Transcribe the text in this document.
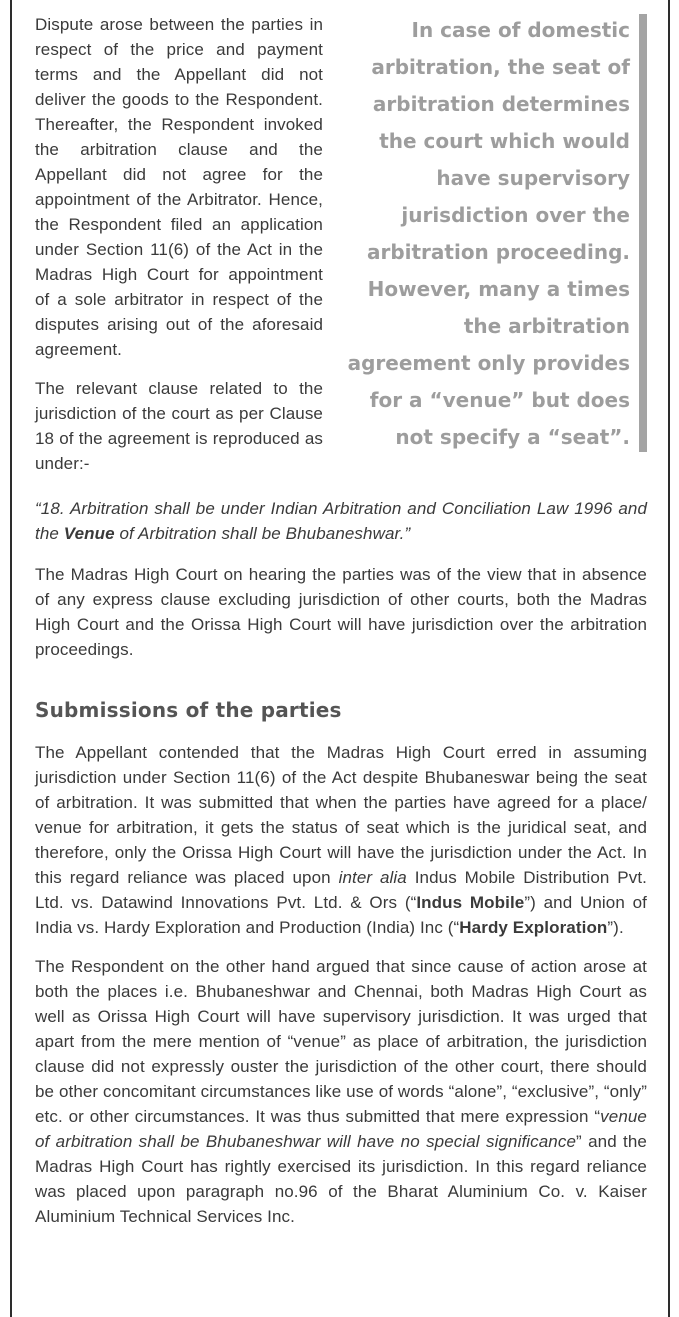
In case of domestic arbitration, the seat of arbitration determines the court which would have supervisory jurisdiction over the arbitration proceeding. However, many a times the arbitration agreement only provides for a “venue” but does not specify a “seat”.

Dispute arose between the parties in respect of the price and payment terms and the Appellant did not deliver the goods to the Respondent. Thereafter, the Respondent invoked the arbitration clause and the Appellant did not agree for the appointment of the Arbitrator. Hence, the Respondent filed an application under Section 11(6) of the Act in the Madras High Court for appointment of a sole arbitrator in respect of the disputes arising out of the aforesaid agreement.

The relevant clause related to the jurisdiction of the court as per Clause 18 of the agreement is reproduced as under:-

“18. Arbitration shall be under Indian Arbitration and Conciliation Law 1996 and the Venue of Arbitration shall be Bhubaneshwar.”

The Madras High Court on hearing the parties was of the view that in absence of any express clause excluding jurisdiction of other courts, both the Madras High Court and the Orissa High Court will have jurisdiction over the arbitration proceedings.

Submissions of the parties

The Appellant contended that the Madras High Court erred in assuming jurisdiction under Section 11(6) of the Act despite Bhubaneswar being the seat of arbitration. It was submitted that when the parties have agreed for a place/ venue for arbitration, it gets the status of seat which is the juridical seat, and therefore, only the Orissa High Court will have the jurisdiction under the Act. In this regard reliance was placed upon inter alia Indus Mobile Distribution Pvt. Ltd. vs. Datawind Innovations Pvt. Ltd. & Ors (“Indus Mobile”) and Union of India vs. Hardy Exploration and Production (India) Inc (“Hardy Exploration”).

The Respondent on the other hand argued that since cause of action arose at both the places i.e. Bhubaneshwar and Chennai, both Madras High Court as well as Orissa High Court will have supervisory jurisdiction. It was urged that apart from the mere mention of “venue” as place of arbitration, the jurisdiction clause did not expressly ouster the jurisdiction of the other court, there should be other concomitant circumstances like use of words “alone”, “exclusive”, “only” etc. or other circumstances. It was thus submitted that mere expression “venue of arbitration shall be Bhubaneshwar will have no special significance” and the Madras High Court has rightly exercised its jurisdiction. In this regard reliance was placed upon paragraph no.96 of the Bharat Aluminium Co. v. Kaiser Aluminium Technical Services Inc.
